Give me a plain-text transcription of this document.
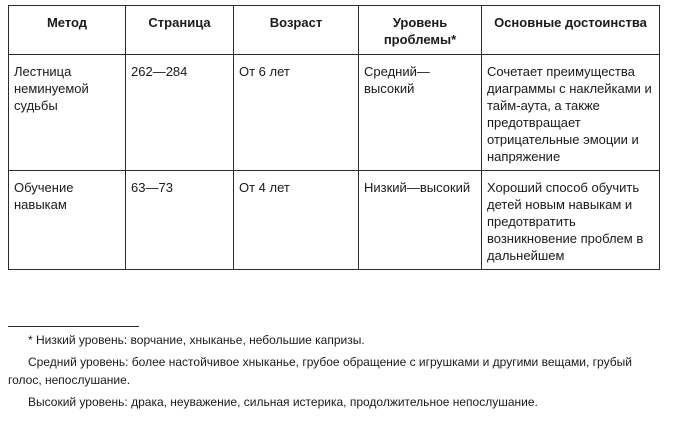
Метод	Страница	Возраст	Уровень проблемы*	Основные достоинства
Лестница неминуемой судьбы	262—284	От 6 лет	Средний—высокий	Сочетает преимущества диаграммы с наклейками и тайм-аута, а также предотвращает отрицательные эмоции и напряжение
Обучение навыкам	63—73	От 4 лет	Низкий—высокий	Хороший способ обучить детей новым навыкам и предотвратить возникновение проблем в дальнейшем

* Низкий уровень: ворчание, хныканье, небольшие капризы.

Средний уровень: более настойчивое хныканье, грубое обращение с игрушками и другими вещами, грубый голос, непослушание.

Высокий уровень: драка, неуважение, сильная истерика, продолжительное непослушание.
